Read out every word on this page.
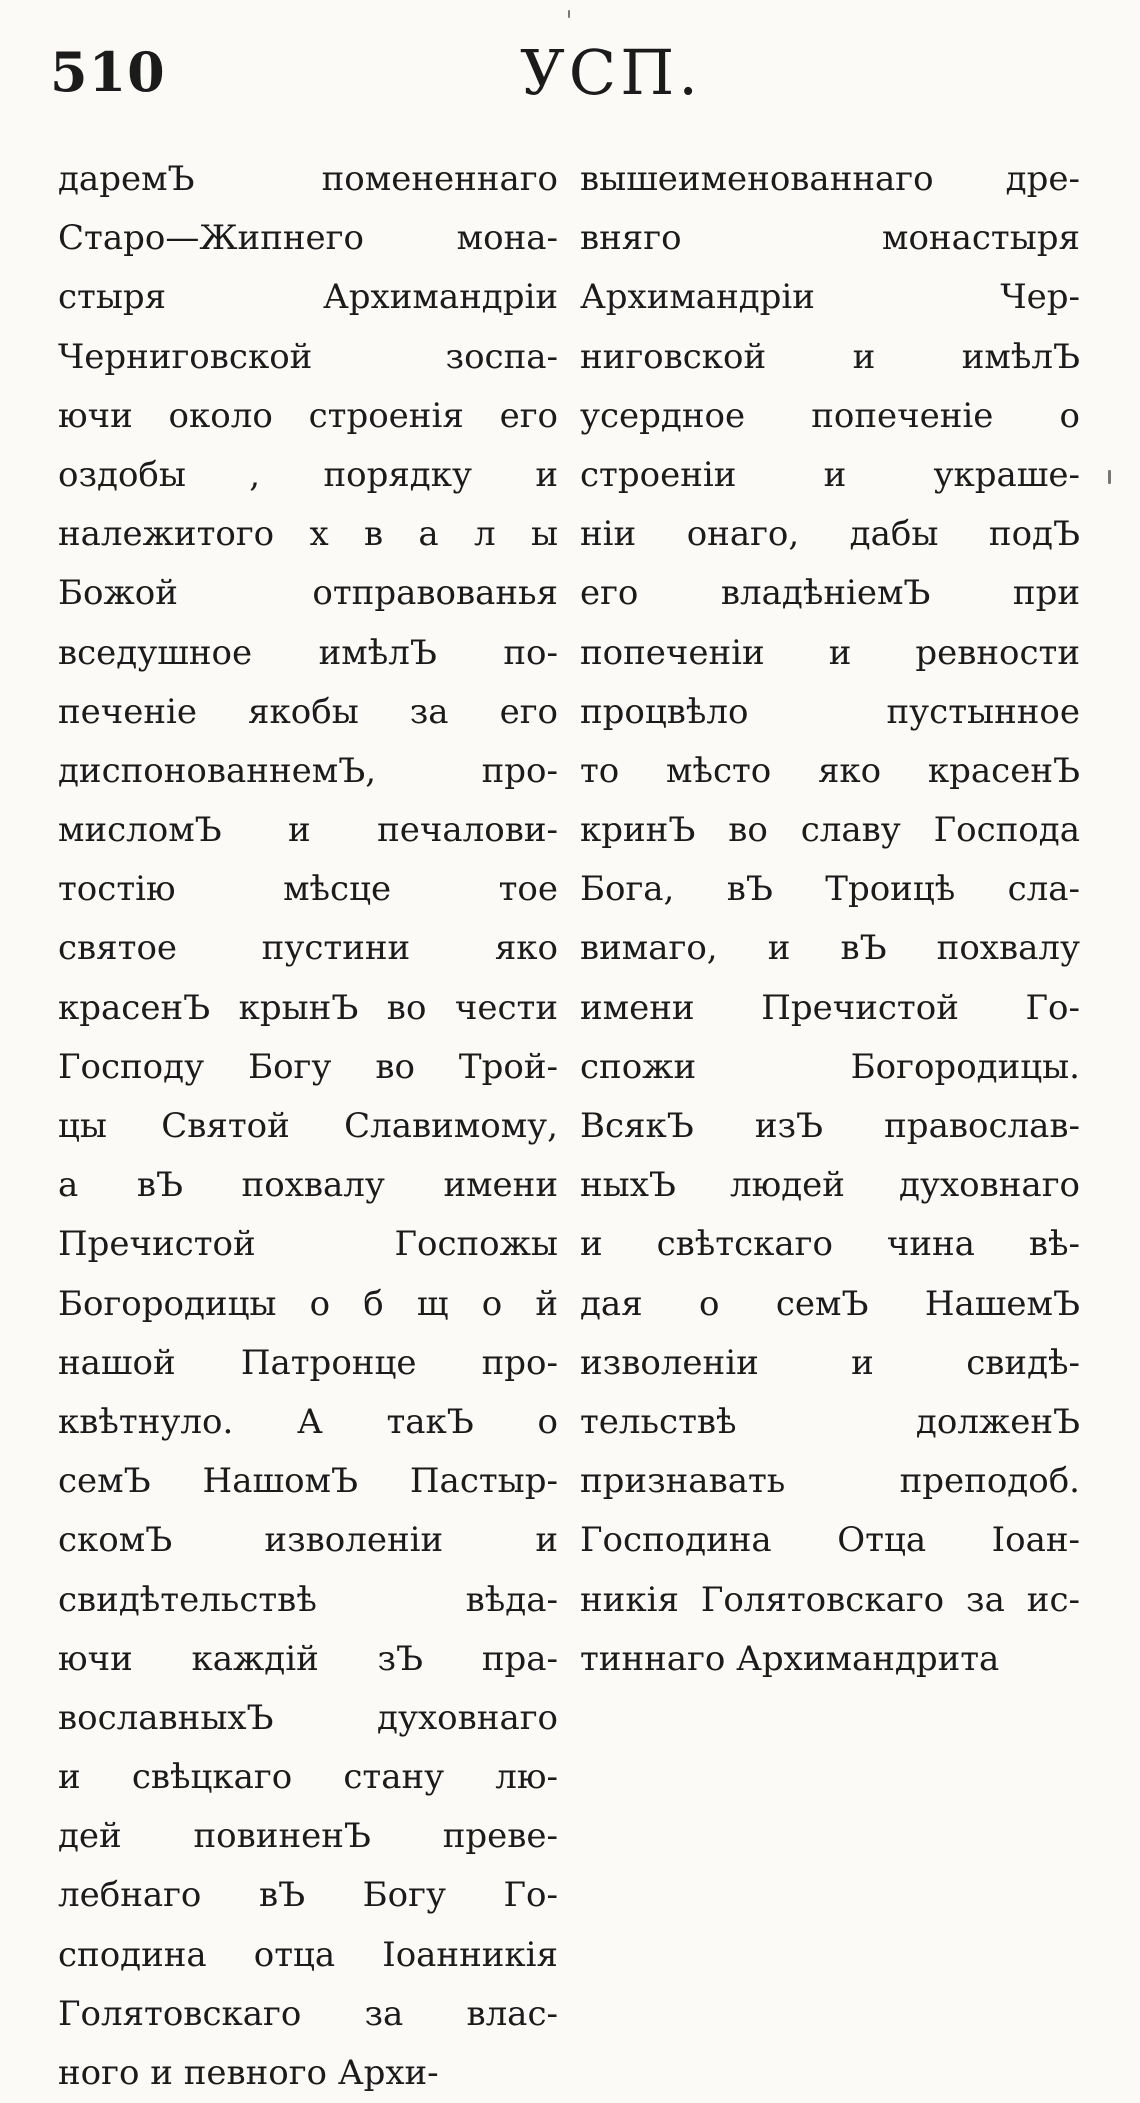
510	УСП.
даремЪ помененнаго
Старо—Жипнего мона-
стыря Архимандріи
Черниговской зоспа-
ючи около строенія его
оздобы , порядку и
належитого х в а л ы
Божой отправованья
вседушное имѣлЪ по-
печеніе якобы за его
диспонованнемЪ, про-
мисломЪ и печалови-
тостію мѣсце тое
святое пустини яко
красенЪ крынЪ во чести
Господу Богу во Трой-
цы Святой Славимому,
а вЪ похвалу имени
Пречистой Госпожы
Богородицы о б щ о й
нашой Патронце про-
квѣтнуло. А такЪ о
семЪ НашомЪ Пастыр-
скомЪ изволеніи и
свидѣтельствѣ вѣда-
ючи каждій зЪ пра-
вославныхЪ духовнаго
и свѣцкаго стану лю-
дей повиненЪ преве-
лебнаго вЪ Богу Го-
сподина отца Іоанникія
Голятовскаго за влас-
ного и певного Архи-
вышеименованнаго дре-
вняго монастыря
Архимандріи Чер-
ниговской и имѣлЪ
усердное попеченіе о
строеніи и украше-
ніи онаго, дабы подЪ
его владѣніемЪ при
попеченіи и ревности
процвѣло пустынное
то мѣсто яко красенЪ
кринЪ во славу Господа
Бога, вЪ Троицѣ сла-
вимаго, и вЪ похвалу
имени Пречистой Го-
спожи Богородицы.
ВсякЪ изЪ православ-
ныхЪ людей духовнаго
и свѣтскаго чина вѣ-
дая о семЪ НашемЪ
изволеніи и свидѣ-
тельствѣ долженЪ
признавать преподоб.
Господина Отца Іоан-
никія Голятовскаго за ис-
тиннаго Архимандрита
